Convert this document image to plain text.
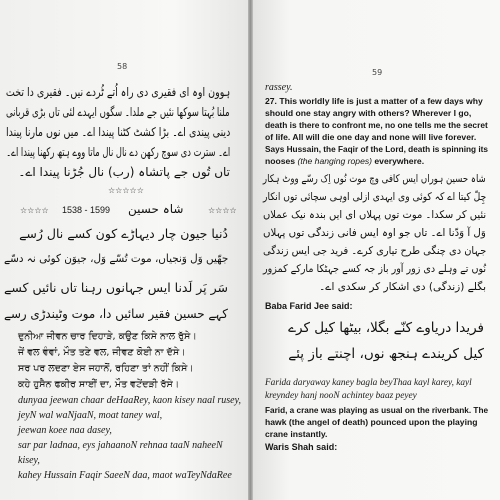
58
ہوون اوہ ای فقیری دی راہ اُتے ٹُردے نیں۔ فقیری دا تخت
ملنا بُہتا سوکھا نئیں جے ملدا۔ سگوں ایہدے لئی تاں بڑی قربانی
دینی پیندی اے۔ بڑا کشٹ کٹنا پیندا اے۔ میں نوں مارنا پیندا
اے۔ سترت دی سوچ رکھن دے نال نال ماتا ووے ہتھ رکھنا پیندا اے۔
تاں تُوں جے پاتشاہ (رب) نال جُڑنا پیندا اے۔
☆☆☆☆☆
☆☆☆☆ 1538 - 1599 شاہ حسین	☆☆☆☆
دُنیا جیون چار دیہاڑے کون کسے نال رُسے
جھّیں وَل وَنجیاں، موت تُسّے وَل، جیوَن کوئی نہ دسّے
سَر پَر لَدنا ایس جہانوں رہنا تاں نائیں کسے
کہے حسین فقیر سائیں دا، موت وٹیندڑی رسے
ਦੁਨੀਆ ਜੀਵਨ ਚਾਰ ਦਿਹਾੜੇ, ਕਉਣ ਕਿਸੇ ਨਾਲ ਰੁੱਸੇ।
ਜੇਂ ਵਲ ਵੰਞਾਂ, ਮੌਤ ਤਣੇ ਵਲ, ਜੀਵਣ ਕੋਈ ਨਾ ਦੱਸੇ।
ਸਰ ਪਰ ਲਦਣਾ ਏਸ ਜਹਾਨੋਂ, ਰਹਿਣਾ ਤਾਂ ਨਹੀਂ ਕਿਸੇ।
ਕਹੇ ਹੁਸੈਨ ਫਕੀਰ ਸਾਈਂ ਦਾ, ਮੌਤ ਵਟੇਂਦੜੀ ਰੱਸੇ।
dunyaa jeewan chaar deHaaRey, kaon kisey naal rusey,
jeyN wal waNjaaN, moat taney wal,
jeewan koee naa dasey,
sar par ladnaa, eys jahaanoN rehnaa taaN naheeN
kisey,
kahey Hussain Faqir SaeeN daa, maot waTeyNdaRee
59
rassey.
27. This worldly life is just a matter of a few days why
should one stay angry with others? Wherever I go,
death is there to confront me, no one tells me the secret
of life. All will die one day and none will live forever.
Says Hussain, the Faqir of the Lord, death is spinning its
nooses (the hanging ropes) everywhere.
شاہ حسین ہوراں ایس کافی وچ موت نُوں اِک رسّے ووٹ ہکار
چِلّ کیتا اے کہ کوئی وی ایہدی ازلی اوہی سچائی توں انکار
نئیں کر سکدا۔ موت توں پہلاں ای ایں بندہ نیک عملاں
وَل آ وَدّنا اے۔ تاں جو اوہ ایس فانی زندگی توں پہلاں
جہان دی چنگی طرح تیاری کرے۔ فرید جی ایس زندگی
نُوں تے وہلے دی زور آور باز جہ کسے جہٹکا مارکے کمزور
بگلے (زندگی) دی اشکار کر سکدی اے۔
Baba Farid Jee said:
فریدا دریاوے کنّے بگلا، بیٹھا کیل کرے
کیل کریندے ہنجھ نوں، اچنتے باز پئے
Farida daryaway kaney bagla beyThaa kayl karey, kayl
kreyndey hanj nooN achintey baaz peyey
Farid, a crane was playing as usual on the riverbank. The
hawk (the angel of death) pounced upon the playing
crane instantly.
Waris Shah said:
